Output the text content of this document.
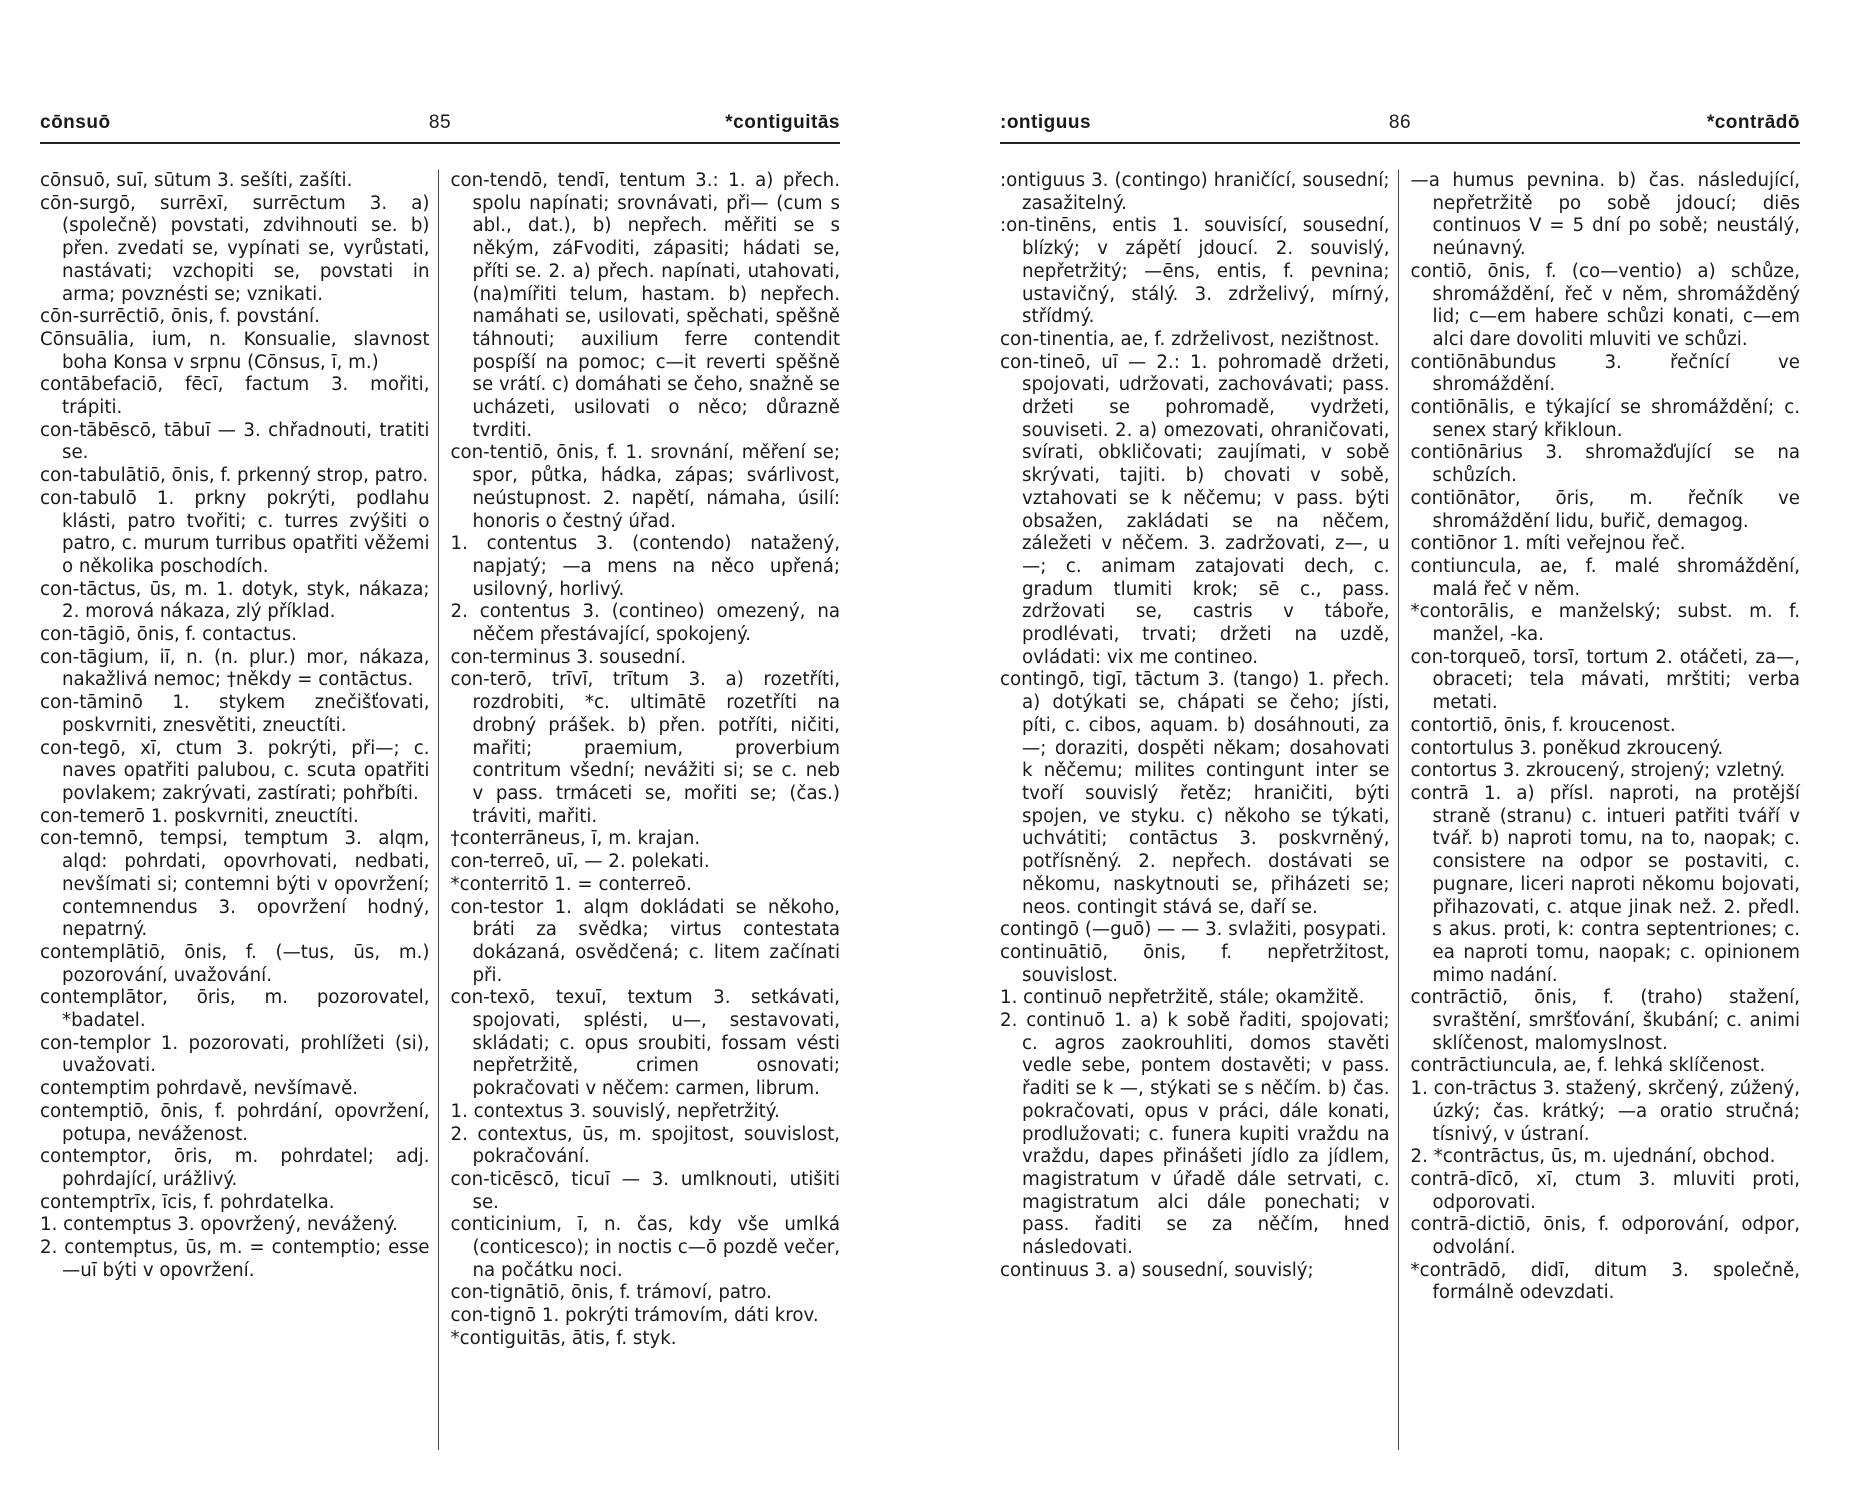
cōnsuō	85	*contiguitās

cōnsuō, suī, sūtum 3. sešíti, zašíti.

cōn-surgō, surrēxī, surrēctum 3. a) (společně) povstati, zdvihnouti se. b) přen. zvedati se, vypínati se, vyrůstati, nastávati; vzchopiti se, povstati in arma; povznésti se; vznikati.

cōn-surrēctiō, ōnis, f. povstání.

Cōnsuālia, ium, n. Konsualie, slavnost boha Konsa v srpnu (Cōnsus, ī, m.)

contābefaciō, fēcī, factum 3. mořiti, trápiti.

con-tābēscō, tābuī — 3. chřadnouti, tratiti se.

con-tabulātiō, ōnis, f. prkenný strop, patro.

con-tabulō 1. prkny pokrýti, podlahu klásti, patro tvořiti; c. turres zvýšiti o patro, c. murum turribus opatřiti věžemi o několika poschodích.

con-tāctus, ūs, m. 1. dotyk, styk, nákaza; 2. morová nákaza, zlý příklad.

con-tāgiō, ōnis, f. contactus.

con-tāgium, iī, n. (n. plur.) mor, nákaza, nakažlivá nemoc; †někdy = contāctus.

con-tāminō 1. stykem znečišťovati, poskvrniti, znesvětiti, zneuctíti.

con-tegō, xī, ctum 3. pokrýti, při—; c. naves opatřiti palubou, c. scuta opatřiti povlakem; zakrývati, zastírati; pohřbíti.

con-temerō 1. poskvrniti, zneuctíti.

con-temnō, tempsi, temptum 3. alqm, alqd: pohrdati, opovrhovati, nedbati, nevšímati si; contemni býti v opovržení; contemnendus 3. opovržení hodný, nepatrný.

contemplātiō, ōnis, f. (—tus, ūs, m.) pozorování, uvažování.

contemplātor, ōris, m. pozorovatel, *badatel.

con-templor 1. pozorovati, prohlížeti (si), uvažovati.

contemptim pohrdavě, nevšímavě.

contemptiō, ōnis, f. pohrdání, opovržení, potupa, neváženost.

contemptor, ōris, m. pohrdatel; adj. pohrdající, urážlivý.

contemptrīx, īcis, f. pohrdatelka.

1. contemptus 3. opovržený, nevážený.

2. contemptus, ūs, m. = contemptio; esse —uī býti v opovržení.

con-tendō, tendī, tentum 3.: 1. a) přech. spolu napínati; srovnávati, při— (cum s abl., dat.), b) nepřech. měřiti se s někým, záFvoditi, zápasiti; hádati se, příti se. 2. a) přech. napínati, utahovati, (na)mířiti telum, hastam. b) nepřech. namáhati se, usilovati, spěchati, spěšně táhnouti; auxilium ferre contendit pospíší na pomoc; c—it reverti spěšně se vrátí. c) domáhati se čeho, snažně se ucházeti, usilovati o něco; důrazně tvrditi.

con-tentiō, ōnis, f. 1. srovnání, měření se; spor, půtka, hádka, zápas; svárlivost, neústupnost. 2. napětí, námaha, úsilí: honoris o čestný úřad.

1. contentus 3. (contendo) natažený, napjatý; —a mens na něco upřená; usilovný, horlivý.

2. contentus 3. (contineo) omezený, na něčem přestávající, spokojený.

con-terminus 3. sousední.

con-terō, trīvī, trītum 3. a) rozetříti, rozdrobiti, *c. ultimātē rozetříti na drobný prášek. b) přen. potříti, ničiti, mařiti; praemium, proverbium contritum všední; nevážiti si; se c. neb v pass. trmáceti se, mořiti se; (čas.) tráviti, mařiti.

†conterrāneus, ī, m. krajan.

con-terreō, uī, — 2. polekati.

*conterritō 1. = conterreō.

con-testor 1. alqm dokládati se někoho, bráti za svědka; virtus contestata dokázaná, osvědčená; c. litem začínati při.

con-texō, texuī, textum 3. setkávati, spojovati, spléstі, u—, sestavovati, skládati; c. opus sroubiti, fossam vésti nepřetržitě, crimen osnovati; pokračovati v něčem: carmen, librum.

1. contextus 3. souvislý, nepřetržitý.

2. contextus, ūs, m. spojitost, souvislost, pokračování.

con-ticēscō, ticuī — 3. umlknouti, utišiti se.

conticinium, ī, n. čas, kdy vše umlká (conticesco); in noctis c—ō pozdě večer, na počátku noci.

con-tignātiō, ōnis, f. trámoví, patro.

con-tignō 1. pokrýti trámovím, dáti krov.

*contiguitās, ātis, f. styk.

:ontiguus	86	*contrādō

:ontiguus 3. (contingo) hraničící, sousední; zasažitelný.

:on-tinēns, entis 1. souvisící, sousední, blízký; v zápětí jdoucí. 2. souvislý, nepřetržitý; —ēns, entis, f. pevnina; ustavičný, stálý. 3. zdrželivý, mírný, střídmý.

con-tinentia, ae, f. zdrželivost, nezištnost.

con-tineō, uī — 2.: 1. pohromadě držeti, spojovati, udržovati, zachovávati; pass. držeti se pohromadě, vydržeti, souviseti. 2. a) omezovati, ohraničovati, svírati, obkličovati; zaujímati, v sobě skrývati, tajiti. b) chovati v sobě, vztahovati se k něčemu; v pass. býti obsažen, zakládati se na něčem, záležeti v něčem. 3. zadržovati, z—, u—; c. animam zatajovati dech, c. gradum tlumiti krok; sē c., pass. zdržovati se, castris v táboře, prodlévati, trvati; držeti na uzdě, ovládati: vix me contineo.

contingō, tigī, tāctum 3. (tango) 1. přech. a) dotýkati se, chápati se čeho; jísti, píti, c. cibos, aquam. b) dosáhnouti, za—; doraziti, dospěti někam; dosahovati k něčemu; milites contingunt inter se tvoří souvislý řetěz; hraničiti, býti spojen, ve styku. c) někoho se týkati, uchvátiti; contāctus 3. poskvrněný, potřísněný. 2. nepřech. dostávati se někomu, naskytnouti se, přiházeti se; neos. contingit stává se, daří se.

contingō (—guō) — — 3. svlažiti, posypati.

continuātiō, ōnis, f. nepřetržitost, souvislost.

1. continuō nepřetržitě, stále; okamžitě.

2. continuō 1. a) k sobě řaditi, spojovati; c. agros zaokrouhliti, domos stavěti vedle sebe, pontem dostavěti; v pass. řaditi se k —, stýkati se s něčím. b) čas. pokračovati, opus v práci, dále konati, prodlužovati; c. funera kupiti vraždu na vraždu, dapes přinášeti jídlo za jídlem, magistratum v úřadě dále setrvati, c. magistratum alci dále ponechati; v pass. řaditi se za něčím, hned následovati.

continuus 3. a) sousední, souvislý;

—a humus pevnina. b) čas. následující, nepřetržitě po sobě jdoucí; diēs continuos V = 5 dní po sobě; neustálý, neúnavný.

contiō, ōnis, f. (co—ventio) a) schůze, shromáždění, řeč v něm, shromážděný lid; c—em habere schůzi konati, c—em alci dare dovoliti mluviti ve schůzi.

contiōnābundus 3. řečnící ve shromáždění.

contiōnālis, e týkající se shromáždění; c. senex starý křikloun.

contiōnārius 3. shromažďující se na schůzích.

contiōnātor, ōris, m. řečník ve shromáždění lidu, buřič, demagog.

contiōnor 1. míti veřejnou řeč.

contiuncula, ae, f. malé shromáždění, malá řeč v něm.

*contorālis, e manželský; subst. m. f. manžel, -ka.

con-torqueō, torsī, tortum 2. otáčeti, za—, obraceti; tela mávati, mrštiti; verba metati.

contortiō, ōnis, f. kroucenost.

contortulus 3. poněkud zkroucený.

contortus 3. zkroucený, strojený; vzletný.

contrā 1. a) přísl. naproti, na protější straně (stranu) c. intueri patřiti tváří v tvář. b) naproti tomu, na to, naopak; c. consistere na odpor se postaviti, c. pugnare, liceri naproti někomu bojovati, přihazovati, c. atque jinak než. 2. předl. s akus. proti, k: contra septentriones; c. ea naproti tomu, naopak; c. opinionem mimo nadání.

contrāctiō, ōnis, f. (traho) stažení, svraštění, smršťování, škubání; c. animi sklíčenost, malomyslnost.

contrāctiuncula, ae, f. lehká sklíčenost.

1. con-trāctus 3. stažený, skrčený, zúžený, úzký; čas. krátký; —a oratio stručná; tísnivý, v ústraní.

2. *contrāctus, ūs, m. ujednání, obchod.

contrā-dīcō, xī, ctum 3. mluviti proti, odporovati.

contrā-dictiō, ōnis, f. odporování, odpor, odvolání.

*contrādō, didī, ditum 3. společně, formálně odevzdati.
